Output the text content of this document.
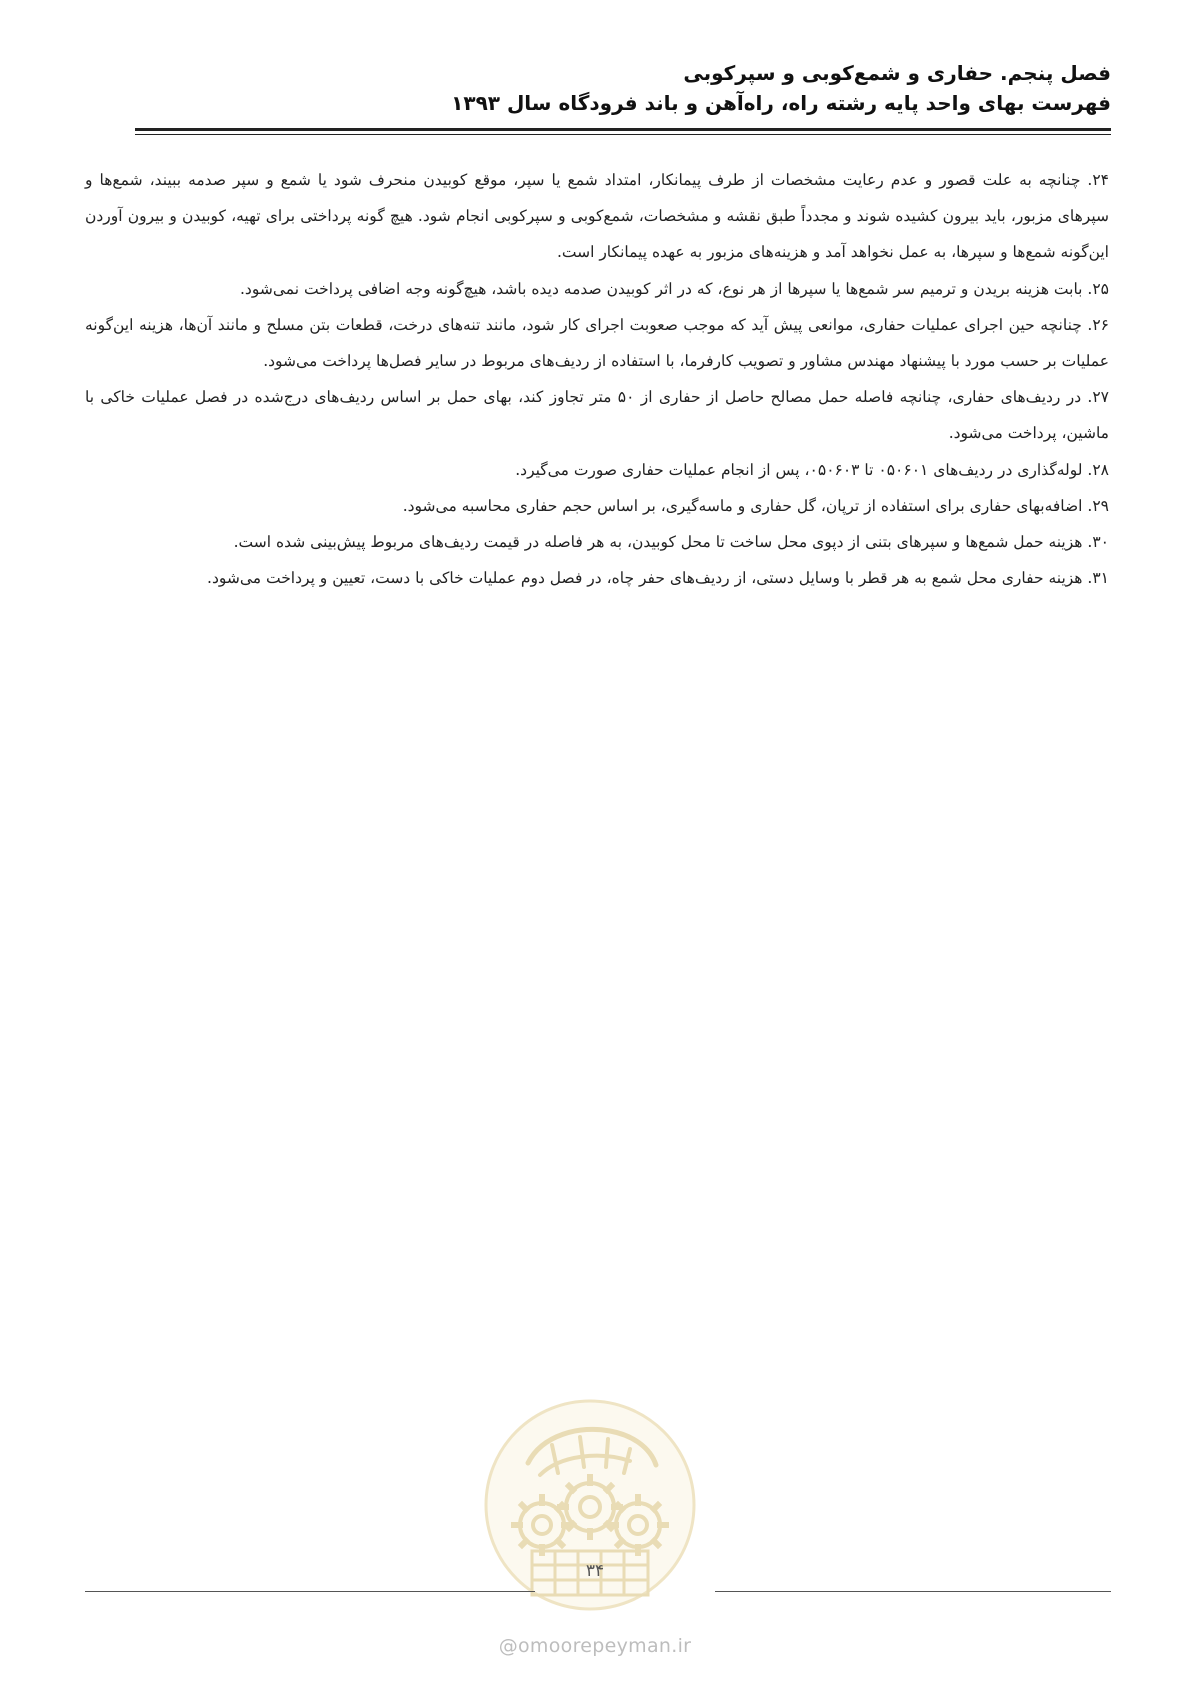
فصل پنجم. حفاری و شمع‌کوبی و سپرکوبی
فهرست بهای واحد پایه رشته راه، راه‌آهن و باند فرودگاه سال ۱۳۹۳

۲۴. چنانچه به علت قصور و عدم رعایت مشخصات از طرف پیمانکار، امتداد شمع یا سپر، موقع کوبیدن منحرف شود یا شمع و سپر صدمه ببیند، شمع‌ها و سپرهای مزبور، باید بیرون کشیده شوند و مجدداً طبق نقشه و مشخصات، شمع‌کوبی و سپرکوبی انجام شود. هیچ گونه پرداختی برای تهیه، کوبیدن و بیرون آوردن این‌گونه شمع‌ها و سپرها، به عمل نخواهد آمد و هزینه‌های مزبور به عهده پیمانکار است.

۲۵. بابت هزینه بریدن و ترمیم سر شمع‌ها یا سپرها از هر نوع، که در اثر کوبیدن صدمه دیده باشد، هیچ‌گونه وجه اضافی پرداخت نمی‌شود.

۲۶. چنانچه حین اجرای عملیات حفاری، موانعی پیش آید که موجب صعوبت اجرای کار شود، مانند تنه‌های درخت، قطعات بتن مسلح و مانند آن‌ها، هزینه این‌گونه عملیات بر حسب مورد با پیشنهاد مهندس مشاور و تصویب کارفرما، با استفاده از ردیف‌های مربوط در سایر فصل‌ها پرداخت می‌شود.

۲۷. در ردیف‌های حفاری، چنانچه فاصله حمل مصالح حاصل از حفاری از ۵۰ متر تجاوز کند، بهای حمل بر اساس ردیف‌های درج‌شده در فصل عملیات خاکی با ماشین، پرداخت می‌شود.

۲۸. لوله‌گذاری در ردیف‌های ۰۵۰۶۰۱ تا ۰۵۰۶۰۳، پس از انجام عملیات حفاری صورت می‌گیرد.

۲۹. اضافه‌بهای حفاری برای استفاده از ترپان، گل حفاری و ماسه‌گیری، بر اساس حجم حفاری محاسبه می‌شود.

۳۰. هزینه حمل شمع‌ها و سپرهای بتنی از دپوی محل ساخت تا محل کوبیدن، به هر فاصله در قیمت ردیف‌های مربوط پیش‌بینی شده است.

۳۱. هزینه حفاری محل شمع به هر قطر با وسایل دستی، از ردیف‌های حفر چاه، در فصل دوم عملیات خاکی با دست، تعیین و پرداخت می‌شود.

۳۴
@omoorepeyman.ir
